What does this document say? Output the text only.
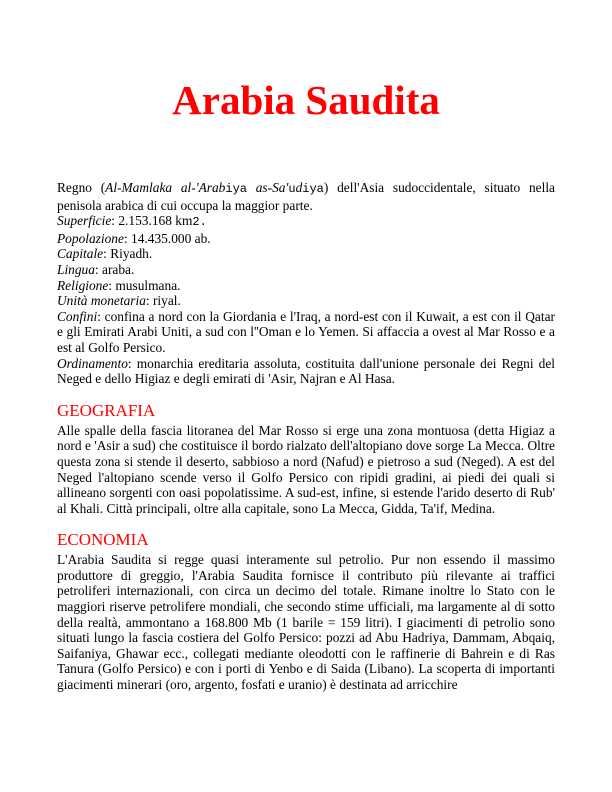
Arabia Saudita

Regno (Al-Mamlaka al-'Arabiya as-Sa'udiya) dell'Asia sudoccidentale, situato nella penisola arabica di cui occupa la maggior parte.

Superficie: 2.153.168 km2.

Popolazione: 14.435.000 ab.

Capitale: Riyadh.

Lingua: araba.

Religione: musulmana.

Unità monetaria: riyal.

Confini: confina a nord con la Giordania e l'Iraq, a nord-est con il Kuwait, a est con il Qatar e gli Emirati Arabi Uniti, a sud con l''Oman e lo Yemen. Si affaccia a ovest al Mar Rosso e a est al Golfo Persico.

Ordinamento: monarchia ereditaria assoluta, costituita dall'unione personale dei Regni del Neged e dello Higiaz e degli emirati di 'Asir, Najran e Al Hasa.

GEOGRAFIA

Alle spalle della fascia litoranea del Mar Rosso si erge una zona montuosa (detta Higiaz a nord e 'Asir a sud) che costituisce il bordo rialzato dell'altopiano dove sorge La Mecca. Oltre questa zona si stende il deserto, sabbioso a nord (Nafud) e pietroso a sud (Neged). A est del Neged l'altopiano scende verso il Golfo Persico con ripidi gradini, ai piedi dei quali si allineano sorgenti con oasi popolatissime. A sud-est, infine, si estende l'arido deserto di Rub' al Khali. Città principali, oltre alla capitale, sono La Mecca, Gidda, Ta'if, Medina.

ECONOMIA

L'Arabia Saudita si regge quasi interamente sul petrolio. Pur non essendo il massimo produttore di greggio, l'Arabia Saudita fornisce il contributo più rilevante ai traffici petroliferi internazionali, con circa un decimo del totale. Rimane inoltre lo Stato con le maggiori riserve petrolifere mondiali, che secondo stime ufficiali, ma largamente al di sotto della realtà, ammontano a 168.800 Mb (1 barile = 159 litri). I giacimenti di petrolio sono situati lungo la fascia costiera del Golfo Persico: pozzi ad Abu Hadriya, Dammam, Abqaiq, Saifaniya, Ghawar ecc., collegati mediante oleodotti con le raffinerie di Bahrein e di Ras Tanura (Golfo Persico) e con i porti di Yenbo e di Saida (Libano). La scoperta di importanti giacimenti minerari (oro, argento, fosfati e uranio) è destinata ad arricchire
